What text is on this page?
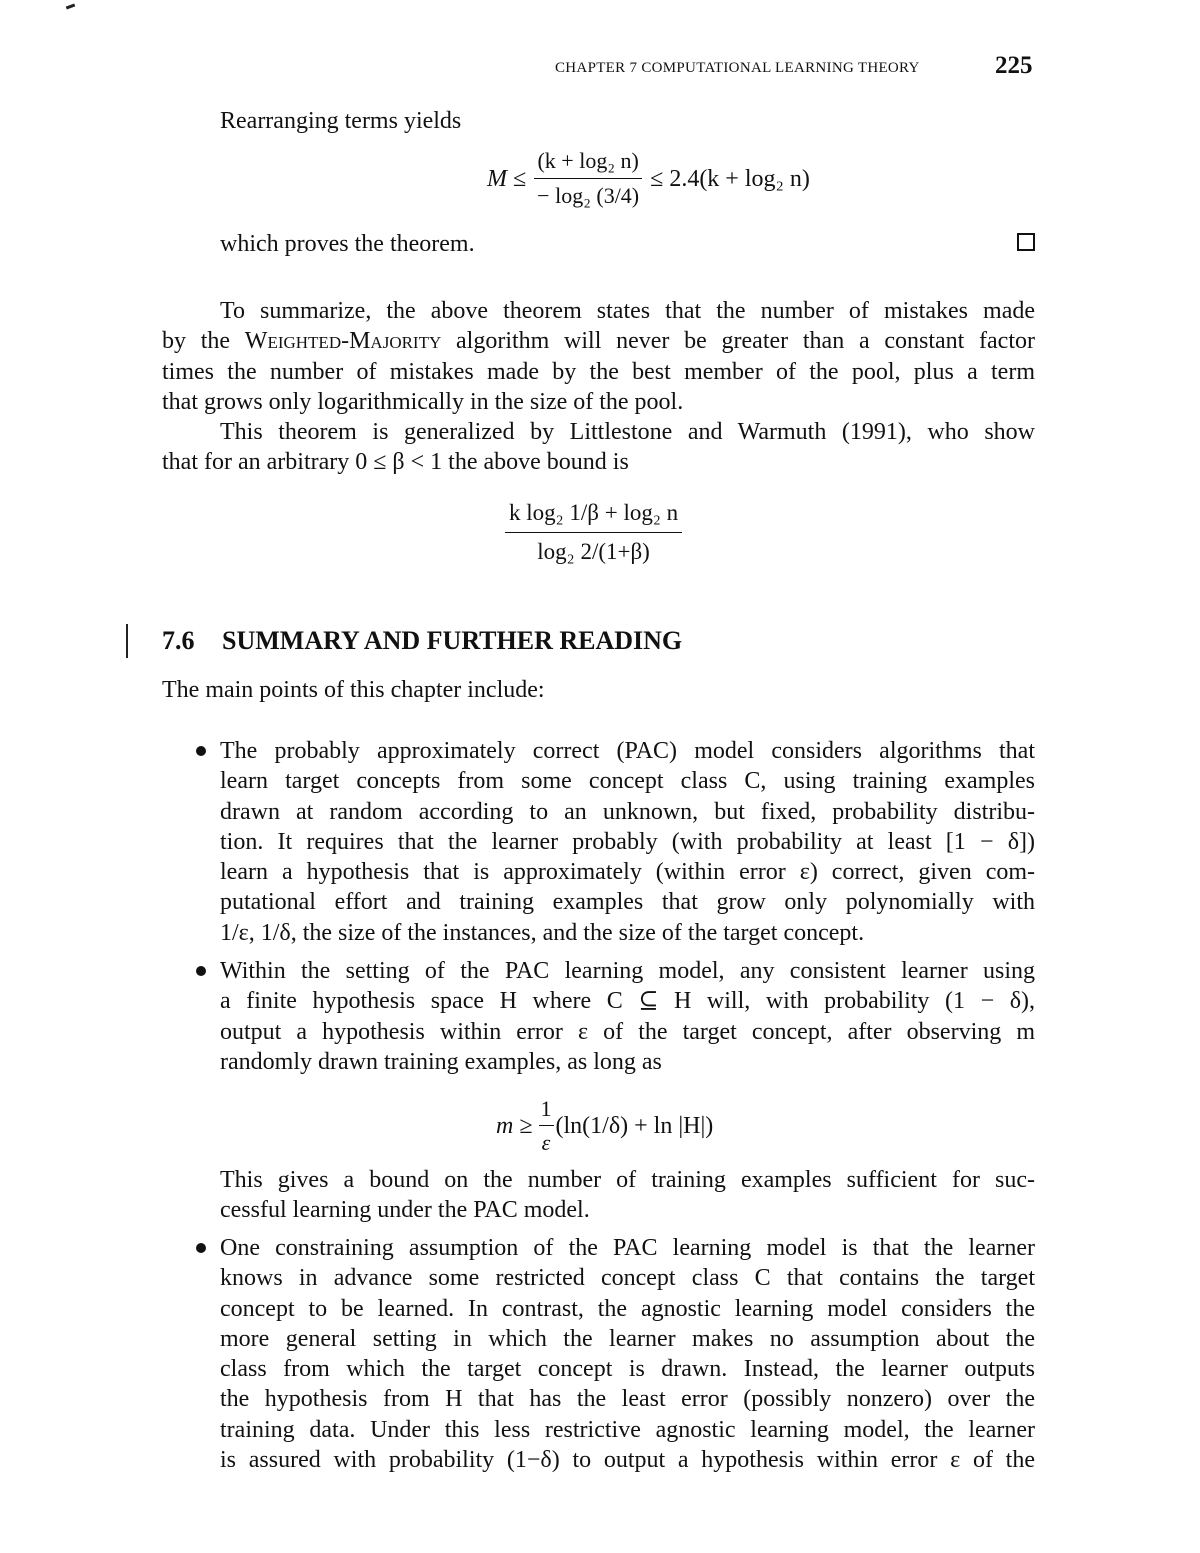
CHAPTER 7 COMPUTATIONAL LEARNING THEORY	225
Rearranging terms yields
$M \le \frac{\text{(k + log₂ n)}}{\text{− log₂ (3/4)}} \le 2.4(k + \log_2$ n)
which proves the theorem.
To summarize, the above theorem states that the number of mistakes made
by the Weighted-Majority algorithm will never be greater than a constant factor
times the number of mistakes made by the best member of the pool, plus a term
that grows only logarithmically in the size of the pool.
This theorem is generalized by Littlestone and Warmuth (1991), who show
that for an arbitrary 0 ≤ β < 1 the above bound is
$\frac{\text{k log₂ 1/β + log₂ n}}{\text{log₂ 2/(1+β)}}$
7.6 SUMMARY AND FURTHER READING
The main points of this chapter include:
The probably approximately correct (PAC) model considers algorithms that
learn target concepts from some concept class C, using training examples
drawn at random according to an unknown, but fixed, probability distribu-
tion. It requires that the learner probably (with probability at least [1 − δ])
learn a hypothesis that is approximately (within error ε) correct, given com-
putational effort and training examples that grow only polynomially with
1/ε, 1/δ, the size of the instances, and the size of the target concept.
Within the setting of the PAC learning model, any consistent learner using
a finite hypothesis space H where C ⊆ H will, with probability (1 − δ),
output a hypothesis within error ε of the target concept, after observing m
randomly drawn training examples, as long as
$m \ge \frac{1}{\varepsilon} (\ln(1/\delta) + \ln |H|)$
This gives a bound on the number of training examples sufficient for suc-
cessful learning under the PAC model.
One constraining assumption of the PAC learning model is that the learner
knows in advance some restricted concept class C that contains the target
concept to be learned. In contrast, the agnostic learning model considers the
more general setting in which the learner makes no assumption about the
class from which the target concept is drawn. Instead, the learner outputs
the hypothesis from H that has the least error (possibly nonzero) over the
training data. Under this less restrictive agnostic learning model, the learner
is assured with probability (1−δ) to output a hypothesis within error ε of the
